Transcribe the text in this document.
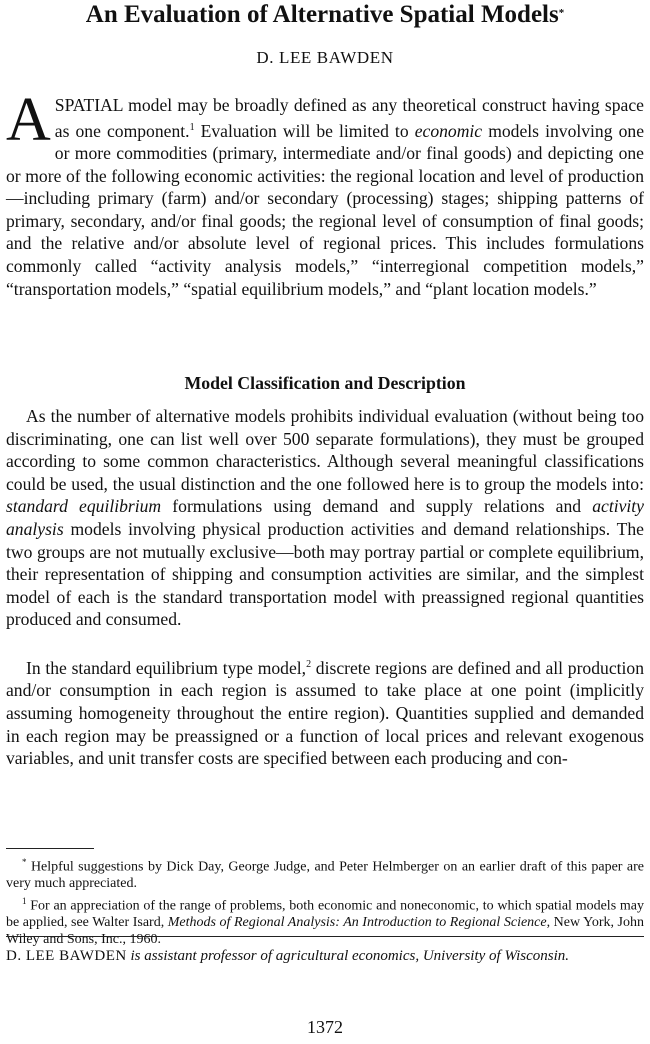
An Evaluation of Alternative Spatial Models*
D. LEE BAWDEN

ASPATIAL model may be broadly defined as any theoretical construct having space as one component.$^1$ Evaluation will be limited to economic models involving one or more commodities (primary, intermediate and/or final goods) and depicting one or more of the following economic activities: the regional location and level of production —including primary (farm) and/or secondary (processing) stages; shipping patterns of primary, secondary, and/or final goods; the regional level of consumption of final goods; and the relative and/or absolute level of regional prices. This includes formulations commonly called “activity analysis models,” “interregional competition models,” “transportation models,” “spatial equilibrium models,” and “plant location models.”

Model Classification and Description

As the number of alternative models prohibits individual evaluation (without being too discriminating, one can list well over 500 separate formulations), they must be grouped according to some common characteristics. Although several meaningful classifications could be used, the usual distinction and the one followed here is to group the models into: standard equilibrium formulations using demand and supply relations and activity analysis models involving physical production activities and demand relationships. The two groups are not mutually exclusive—both may portray partial or complete equilibrium, their representation of shipping and consumption activities are similar, and the simplest model of each is the standard transportation model with preassigned regional quantities produced and consumed.

In the standard equilibrium type model,$^2$ discrete regions are defined and all production and/or consumption in each region is assumed to take place at one point (implicitly assuming homogeneity throughout the entire region). Quantities supplied and demanded in each region may be preassigned or a function of local prices and relevant exogenous variables, and unit transfer costs are specified between each producing and con-

* Helpful suggestions by Dick Day, George Judge, and Peter Helmberger on an earlier draft of this paper are very much appreciated.

$^1$ For an appreciation of the range of problems, both economic and noneconomic, to which spatial models may be applied, see Walter Isard, Methods of Regional Analysis: An Introduction to Regional Science, New York, John Wiley and Sons, Inc., 1960.

D. LEE BAWDEN is assistant professor of agricultural economics, University of Wisconsin.

1372
